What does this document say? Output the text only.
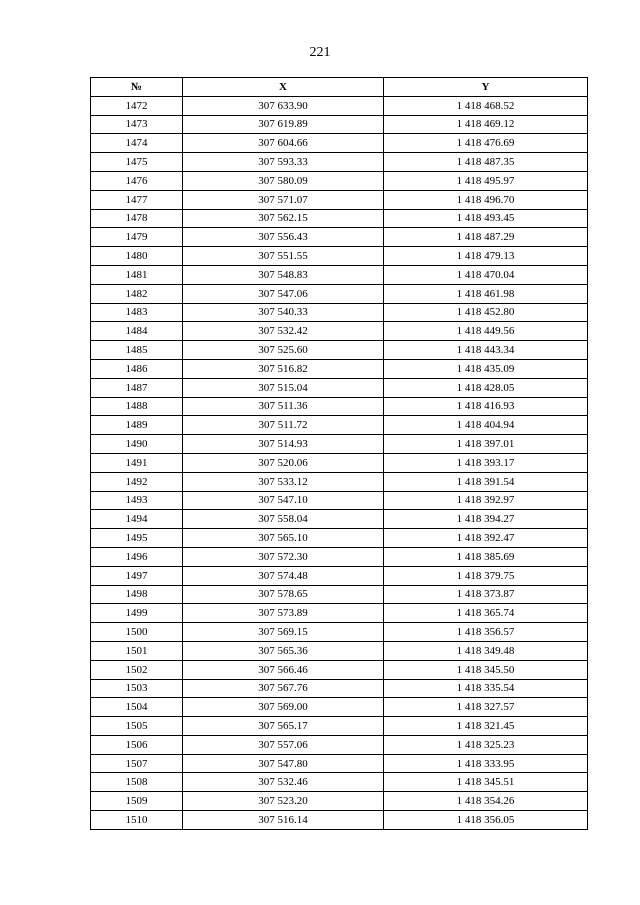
221
№	X	Y
1472	307 633.90	1 418 468.52
1473	307 619.89	1 418 469.12
1474	307 604.66	1 418 476.69
1475	307 593.33	1 418 487.35
1476	307 580.09	1 418 495.97
1477	307 571.07	1 418 496.70
1478	307 562.15	1 418 493.45
1479	307 556.43	1 418 487.29
1480	307 551.55	1 418 479.13
1481	307 548.83	1 418 470.04
1482	307 547.06	1 418 461.98
1483	307 540.33	1 418 452.80
1484	307 532.42	1 418 449.56
1485	307 525.60	1 418 443.34
1486	307 516.82	1 418 435.09
1487	307 515.04	1 418 428.05
1488	307 511.36	1 418 416.93
1489	307 511.72	1 418 404.94
1490	307 514.93	1 418 397.01
1491	307 520.06	1 418 393.17
1492	307 533.12	1 418 391.54
1493	307 547.10	1 418 392.97
1494	307 558.04	1 418 394.27
1495	307 565.10	1 418 392.47
1496	307 572.30	1 418 385.69
1497	307 574.48	1 418 379.75
1498	307 578.65	1 418 373.87
1499	307 573.89	1 418 365.74
1500	307 569.15	1 418 356.57
1501	307 565.36	1 418 349.48
1502	307 566.46	1 418 345.50
1503	307 567.76	1 418 335.54
1504	307 569.00	1 418 327.57
1505	307 565.17	1 418 321.45
1506	307 557.06	1 418 325.23
1507	307 547.80	1 418 333.95
1508	307 532.46	1 418 345.51
1509	307 523.20	1 418 354.26
1510	307 516.14	1 418 356.05
